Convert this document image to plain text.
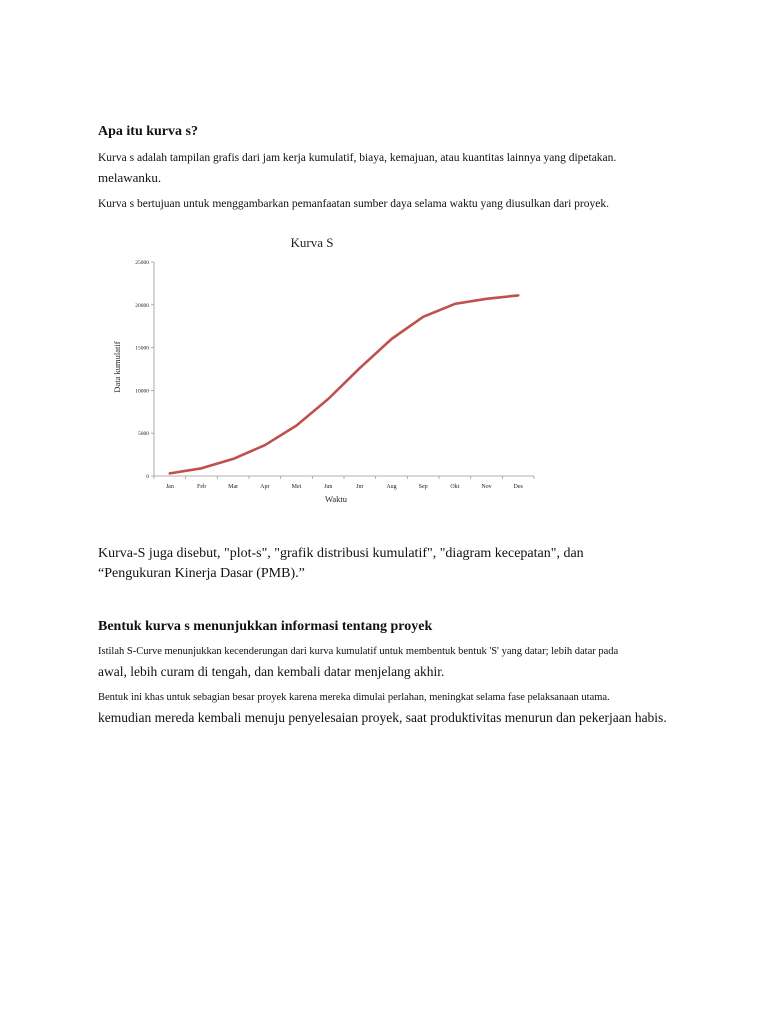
Apa itu kurva s?

Kurva s adalah tampilan grafis dari jam kerja kumulatif, biaya, kemajuan, atau kuantitas lainnya yang dipetakan.

melawanku.

Kurva s bertujuan untuk menggambarkan pemanfaatan sumber daya selama waktu yang diusulkan dari proyek.

Kurva S
Data kumulatif
Waktu
0
5000
10000
15000
20000
25000
Jan	Feb	Mar	Apr	Mei	Jun	Jnr	Aug	Sep	Okt	Nov	Des

Kurva-S juga disebut, "plot-s", "grafik distribusi kumulatif", "diagram kecepatan", dan

“Pengukuran Kinerja Dasar (PMB).”

Bentuk kurva s menunjukkan informasi tentang proyek

Istilah S-Curve menunjukkan kecenderungan dari kurva kumulatif untuk membentuk bentuk 'S' yang datar; lebih datar pada

awal, lebih curam di tengah, dan kembali datar menjelang akhir.

Bentuk ini khas untuk sebagian besar proyek karena mereka dimulai perlahan, meningkat selama fase pelaksanaan utama.

kemudian mereda kembali menuju penyelesaian proyek, saat produktivitas menurun dan pekerjaan habis.
